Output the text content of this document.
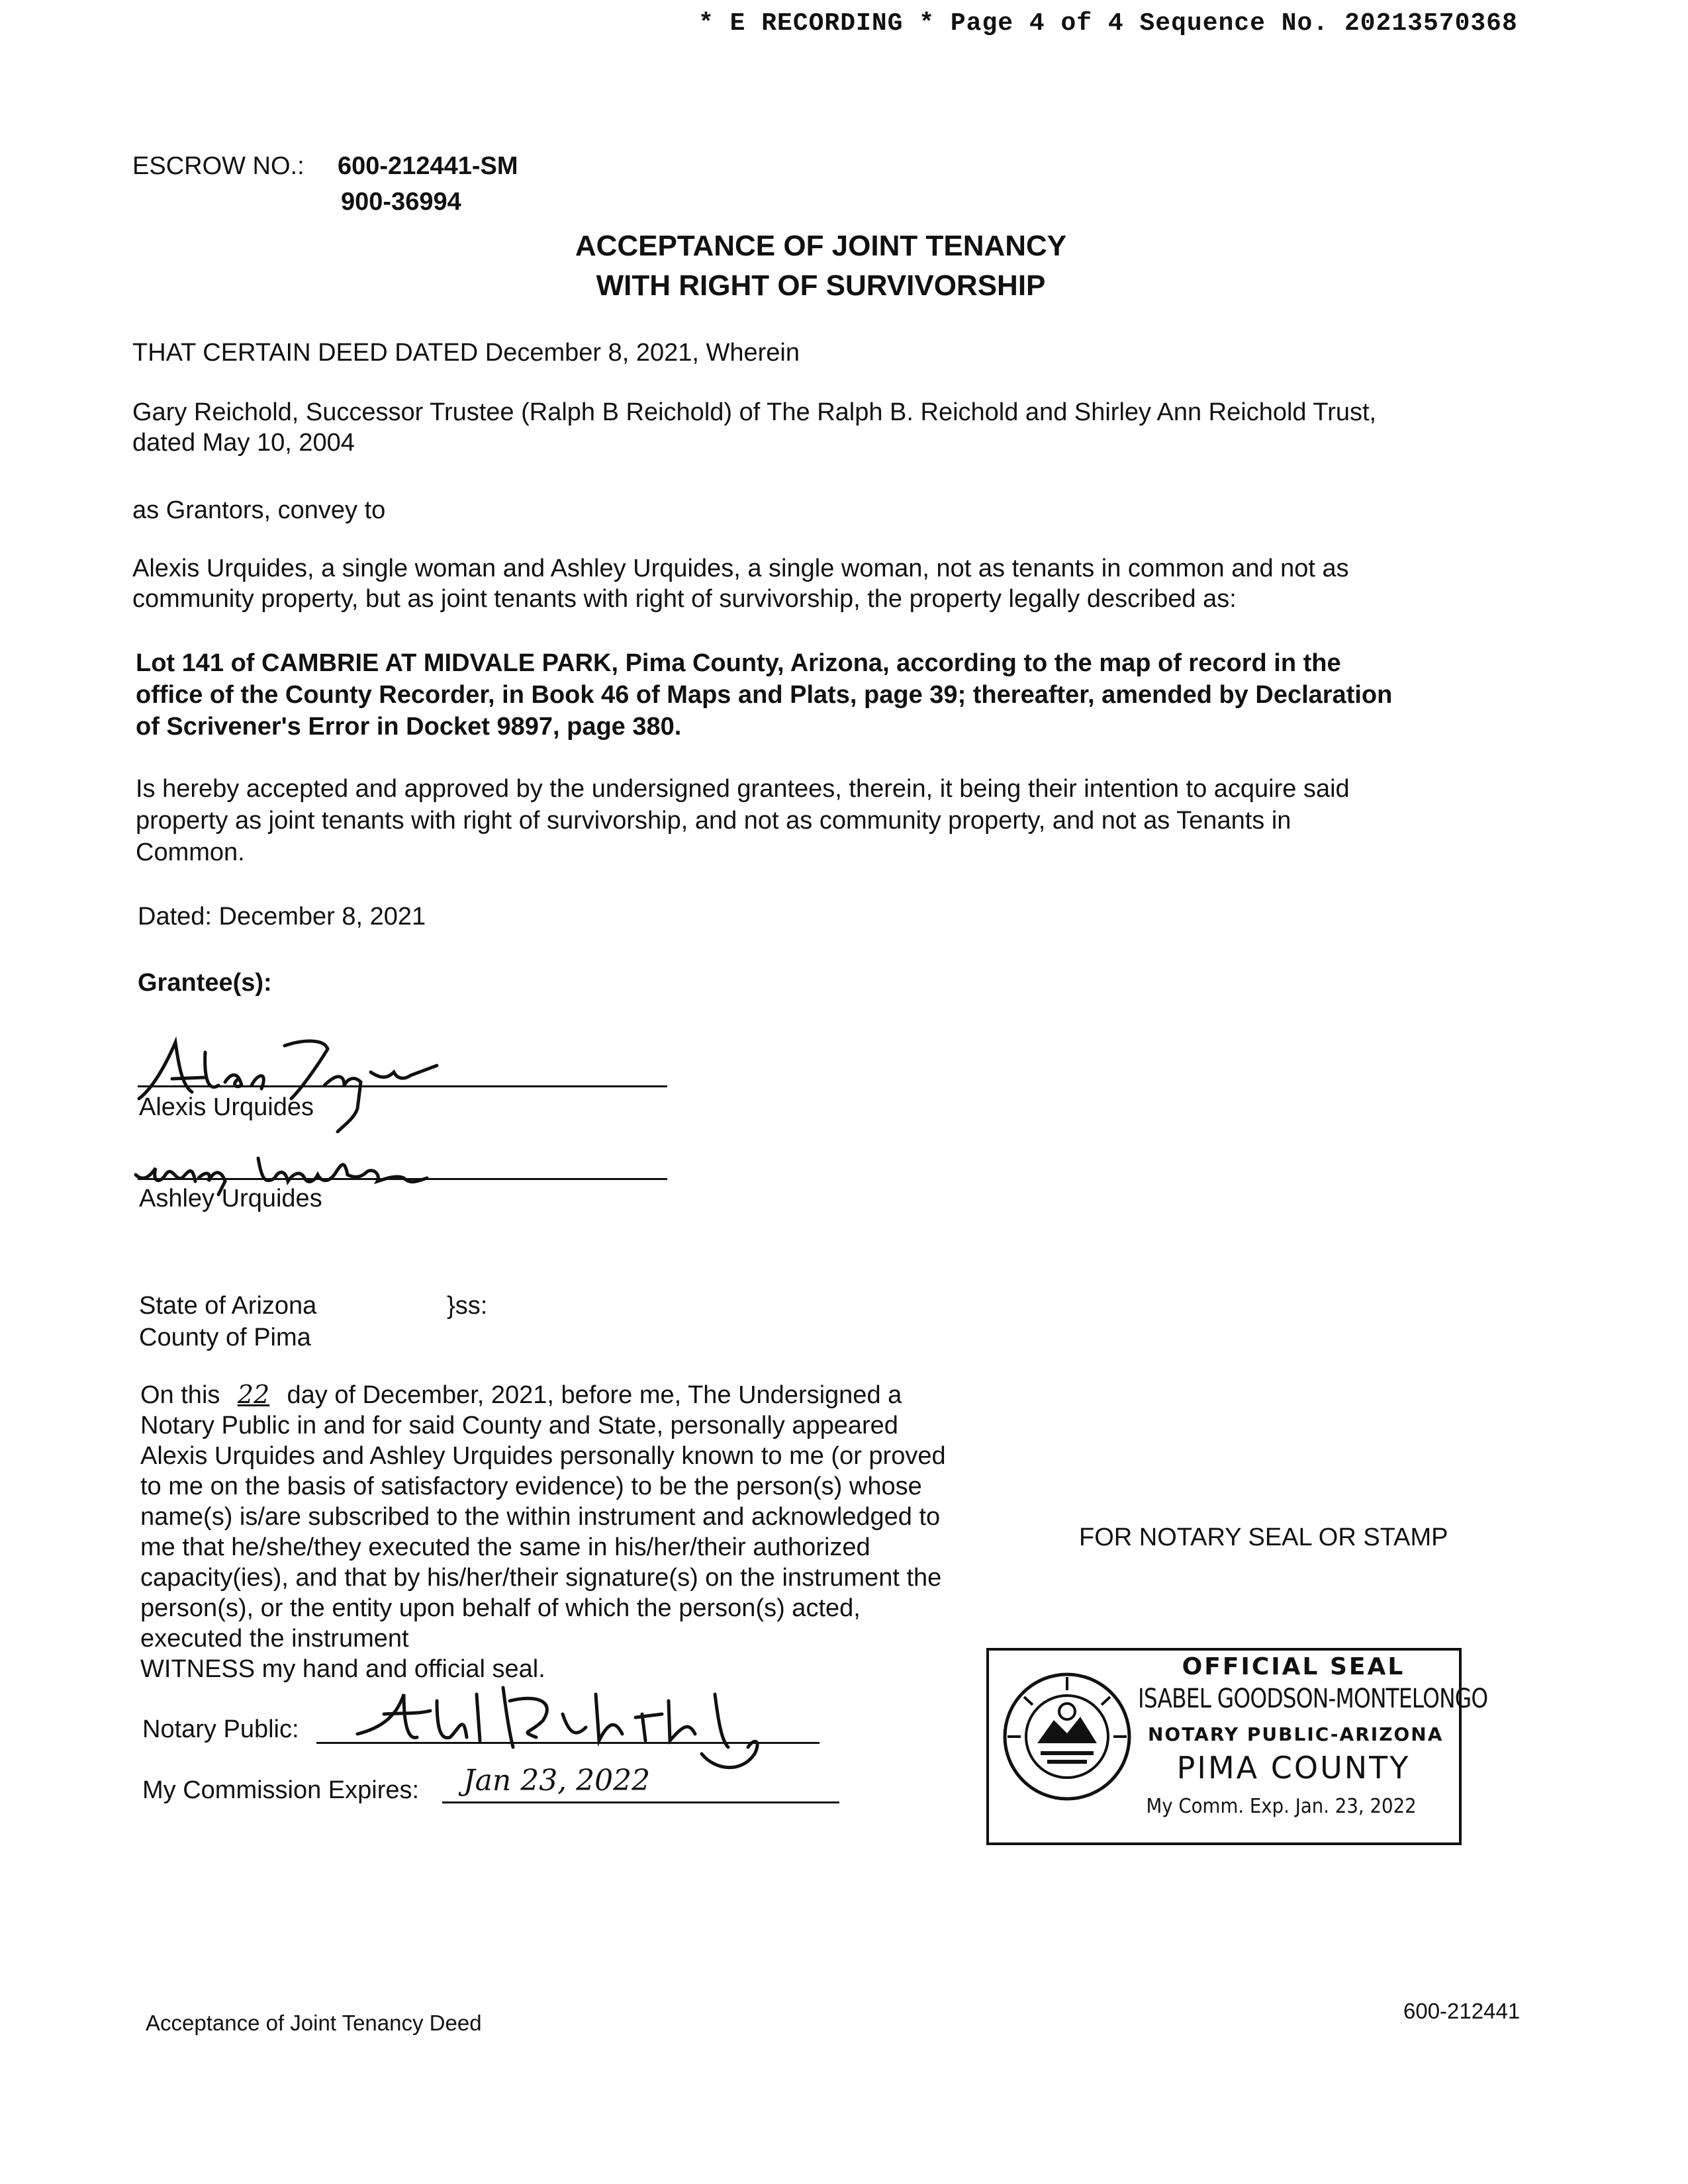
* E RECORDING * Page 4 of 4 Sequence No. 20213570368
ESCROW NO.: 600-212441-SM
900-36994
ACCEPTANCE OF JOINT TENANCY
WITH RIGHT OF SURVIVORSHIP
THAT CERTAIN DEED DATED December 8, 2021, Wherein
Gary Reichold, Successor Trustee (Ralph B Reichold) of The Ralph B. Reichold and Shirley Ann Reichold Trust,
dated May 10, 2004
as Grantors, convey to
Alexis Urquides, a single woman and Ashley Urquides, a single woman, not as tenants in common and not as
community property, but as joint tenants with right of survivorship, the property legally described as:
Lot 141 of CAMBRIE AT MIDVALE PARK, Pima County, Arizona, according to the map of record in the
office of the County Recorder, in Book 46 of Maps and Plats, page 39; thereafter, amended by Declaration
of Scrivener's Error in Docket 9897, page 380.
Is hereby accepted and approved by the undersigned grantees, therein, it being their intention to acquire said
property as joint tenants with right of survivorship, and not as community property, and not as Tenants in
Common.
Dated: December 8, 2021
Grantee(s):
Alexis Urquides
Ashley Urquides
State of Arizona	}ss:
County of Pima
On this 22 day of December, 2021, before me, The Undersigned a
Notary Public in and for said County and State, personally appeared
Alexis Urquides and Ashley Urquides personally known to me (or proved
to me on the basis of satisfactory evidence) to be the person(s) whose
name(s) is/are subscribed to the within instrument and acknowledged to
me that he/she/they executed the same in his/her/their authorized
capacity(ies), and that by his/her/their signature(s) on the instrument the
person(s), or the entity upon behalf of which the person(s) acted,
executed the instrument
WITNESS my hand and official seal.
Notary Public:
My Commission Expires: Jan 23, 2022
FOR NOTARY SEAL OR STAMP
OFFICIAL SEAL
ISABEL GOODSON-MONTELONGO
NOTARY PUBLIC-ARIZONA
PIMA COUNTY
My Comm. Exp. Jan. 23, 2022
Acceptance of Joint Tenancy Deed	600-212441
